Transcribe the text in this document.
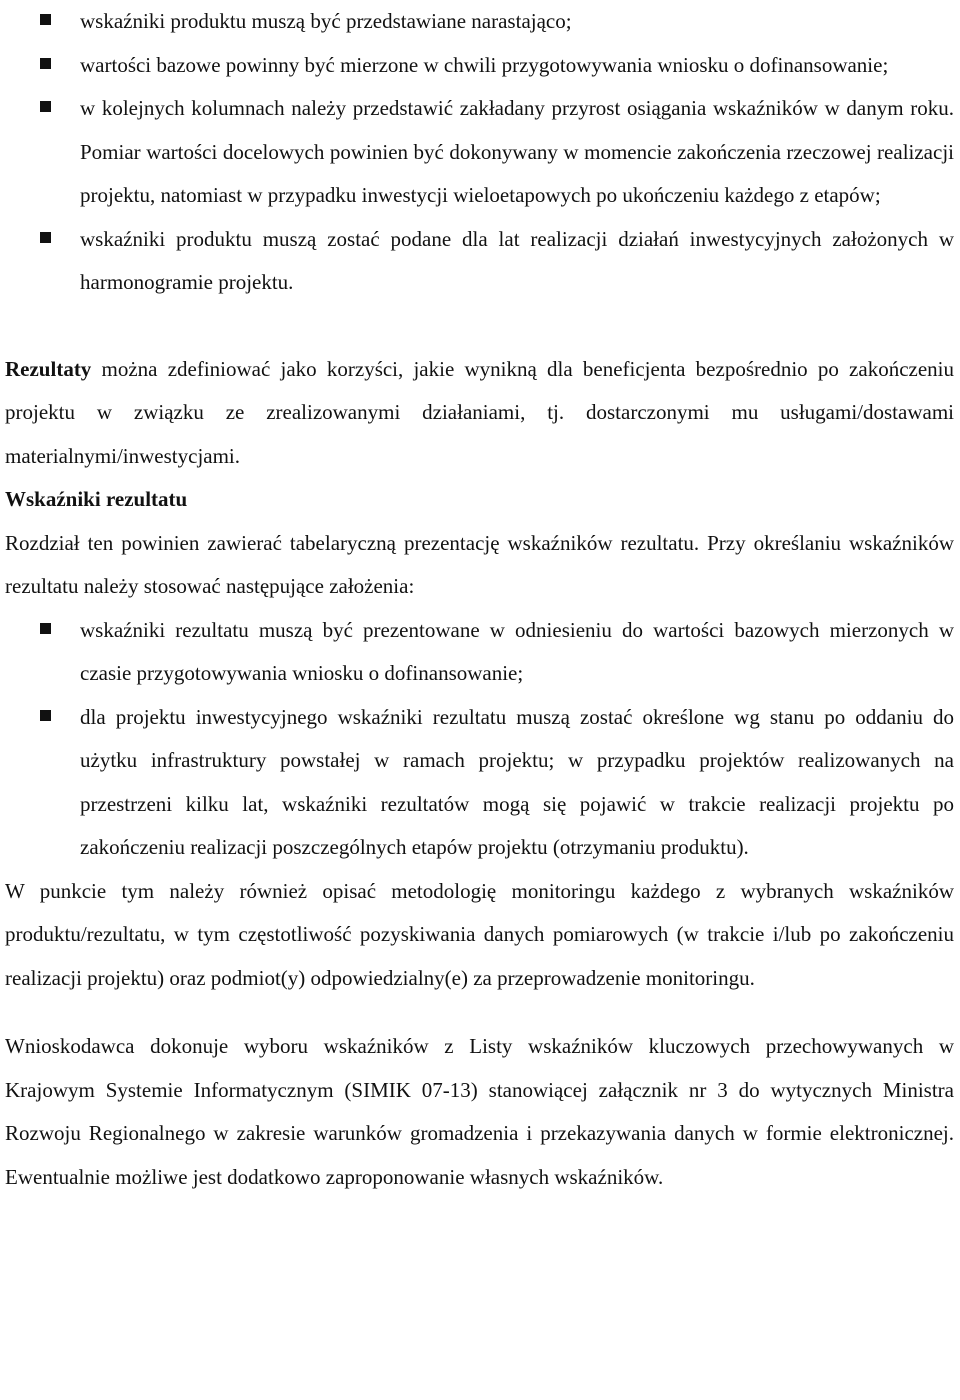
wskaźniki produktu muszą być przedstawiane narastająco;
wartości bazowe powinny być mierzone w chwili przygotowywania wniosku o dofinansowanie;
w kolejnych kolumnach należy przedstawić zakładany przyrost osiągania wskaźników w danym roku. Pomiar wartości docelowych powinien być dokonywany w momencie zakończenia rzeczowej realizacji projektu, natomiast w przypadku inwestycji wieloetapowych po ukończeniu każdego z etapów;
wskaźniki produktu muszą zostać podane dla lat realizacji działań inwestycyjnych założonych w harmonogramie projektu.

Rezultaty można zdefiniować jako korzyści, jakie wynikną dla beneficjenta bezpośrednio po zakończeniu projektu w związku ze zrealizowanymi działaniami, tj. dostarczonymi mu usługami/dostawami materialnymi/inwestycjami.

Wskaźniki rezultatu

Rozdział ten powinien zawierać tabelaryczną prezentację wskaźników rezultatu. Przy określaniu wskaźników rezultatu należy stosować następujące założenia:

wskaźniki rezultatu muszą być prezentowane w odniesieniu do wartości bazowych mierzonych w czasie przygotowywania wniosku o dofinansowanie;
dla projektu inwestycyjnego wskaźniki rezultatu muszą zostać określone wg stanu po oddaniu do użytku infrastruktury powstałej w ramach projektu; w przypadku projektów realizowanych na przestrzeni kilku lat, wskaźniki rezultatów mogą się pojawić w trakcie realizacji projektu po zakończeniu realizacji poszczególnych etapów projektu (otrzymaniu produktu).

W punkcie tym należy również opisać metodologię monitoringu każdego z wybranych wskaźników produktu/rezultatu, w tym częstotliwość pozyskiwania danych pomiarowych (w trakcie i/lub po zakończeniu realizacji projektu) oraz podmiot(y) odpowiedzialny(e) za przeprowadzenie monitoringu.

Wnioskodawca dokonuje wyboru wskaźników z Listy wskaźników kluczowych przechowywanych w Krajowym Systemie Informatycznym (SIMIK 07-13) stanowiącej załącznik nr 3 do wytycznych Ministra Rozwoju Regionalnego w zakresie warunków gromadzenia i przekazywania danych w formie elektronicznej. Ewentualnie możliwe jest dodatkowo zaproponowanie własnych wskaźników.
